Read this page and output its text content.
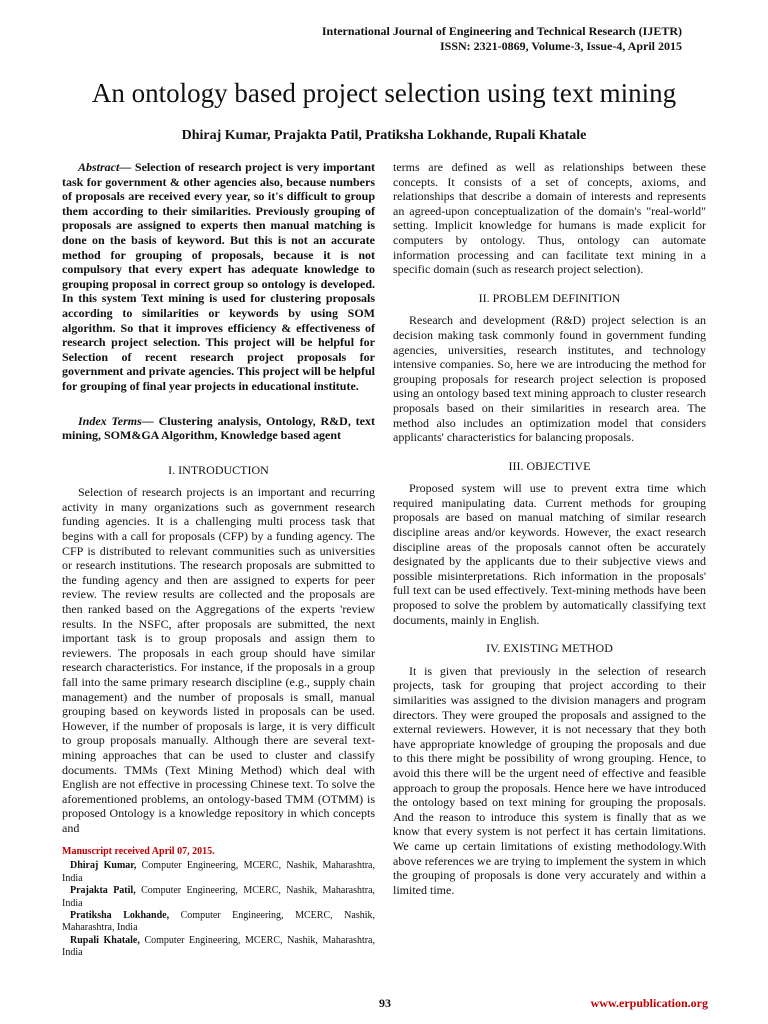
International Journal of Engineering and Technical Research (IJETR)
ISSN: 2321-0869, Volume-3, Issue-4, April 2015
An ontology based project selection using text mining
Dhiraj Kumar, Prajakta Patil, Pratiksha Lokhande, Rupali Khatale

Abstract— Selection of research project is very important task for government & other agencies also, because numbers of proposals are received every year, so it's difficult to group them according to their similarities. Previously grouping of proposals are assigned to experts then manual matching is done on the basis of keyword. But this is not an accurate method for grouping of proposals, because it is not compulsory that every expert has adequate knowledge to grouping proposal in correct group so ontology is developed. In this system Text mining is used for clustering proposals according to similarities or keywords by using SOM algorithm. So that it improves efficiency & effectiveness of research project selection. This project will be helpful for Selection of recent research project proposals for government and private agencies. This project will be helpful for grouping of final year projects in educational institute.

Index Terms— Clustering analysis, Ontology, R&D, text mining, SOM&GA Algorithm, Knowledge based agent

I. INTRODUCTION

Selection of research projects is an important and recurring activity in many organizations such as government research funding agencies. It is a challenging multi process task that begins with a call for proposals (CFP) by a funding agency. The CFP is distributed to relevant communities such as universities or research institutions. The research proposals are submitted to the funding agency and then are assigned to experts for peer review. The review results are collected and the proposals are then ranked based on the Aggregations of the experts 'review results. In the NSFC, after proposals are submitted, the next important task is to group proposals and assign them to reviewers. The proposals in each group should have similar research characteristics. For instance, if the proposals in a group fall into the same primary research discipline (e.g., supply chain management) and the number of proposals is small, manual grouping based on keywords listed in proposals can be used. However, if the number of proposals is large, it is very difficult to group proposals manually. Although there are several text-mining approaches that can be used to cluster and classify documents. TMMs (Text Mining Method) which deal with English are not effective in processing Chinese text. To solve the aforementioned problems, an ontology-based TMM (OTMM) is proposed Ontology is a knowledge repository in which concepts and

Manuscript received April 07, 2015.

Dhiraj Kumar, Computer Engineering, MCERC, Nashik, Maharashtra, India

Prajakta Patil, Computer Engineering, MCERC, Nashik, Maharashtra, India

Pratiksha Lokhande, Computer Engineering, MCERC, Nashik, Maharashtra, India

Rupali Khatale, Computer Engineering, MCERC, Nashik, Maharashtra, India

terms are defined as well as relationships between these concepts. It consists of a set of concepts, axioms, and relationships that describe a domain of interests and represents an agreed-upon conceptualization of the domain's "real-world" setting. Implicit knowledge for humans is made explicit for computers by ontology. Thus, ontology can automate information processing and can facilitate text mining in a specific domain (such as research project selection).

II. PROBLEM DEFINITION

Research and development (R&D) project selection is an decision making task commonly found in government funding agencies, universities, research institutes, and technology intensive companies. So, here we are introducing the method for grouping proposals for research project selection is proposed using an ontology based text mining approach to cluster research proposals based on their similarities in research area. The method also includes an optimization model that considers applicants' characteristics for balancing proposals.

III. OBJECTIVE

Proposed system will use to prevent extra time which required manipulating data. Current methods for grouping proposals are based on manual matching of similar research discipline areas and/or keywords. However, the exact research discipline areas of the proposals cannot often be accurately designated by the applicants due to their subjective views and possible misinterpretations. Rich information in the proposals' full text can be used effectively. Text-mining methods have been proposed to solve the problem by automatically classifying text documents, mainly in English.

IV. EXISTING METHOD

It is given that previously in the selection of research projects, task for grouping that project according to their similarities was assigned to the division managers and program directors. They were grouped the proposals and assigned to the external reviewers. However, it is not necessary that they both have appropriate knowledge of grouping the proposals and due to this there might be possibility of wrong grouping. Hence, to avoid this there will be the urgent need of effective and feasible approach to group the proposals. Hence here we have introduced the ontology based on text mining for grouping the proposals. And the reason to introduce this system is finally that as we know that every system is not perfect it has certain limitations. We came up certain limitations of existing methodology.With above references we are trying to implement the system in which the grouping of proposals is done very accurately and within a limited time.

93	www.erpublication.org
